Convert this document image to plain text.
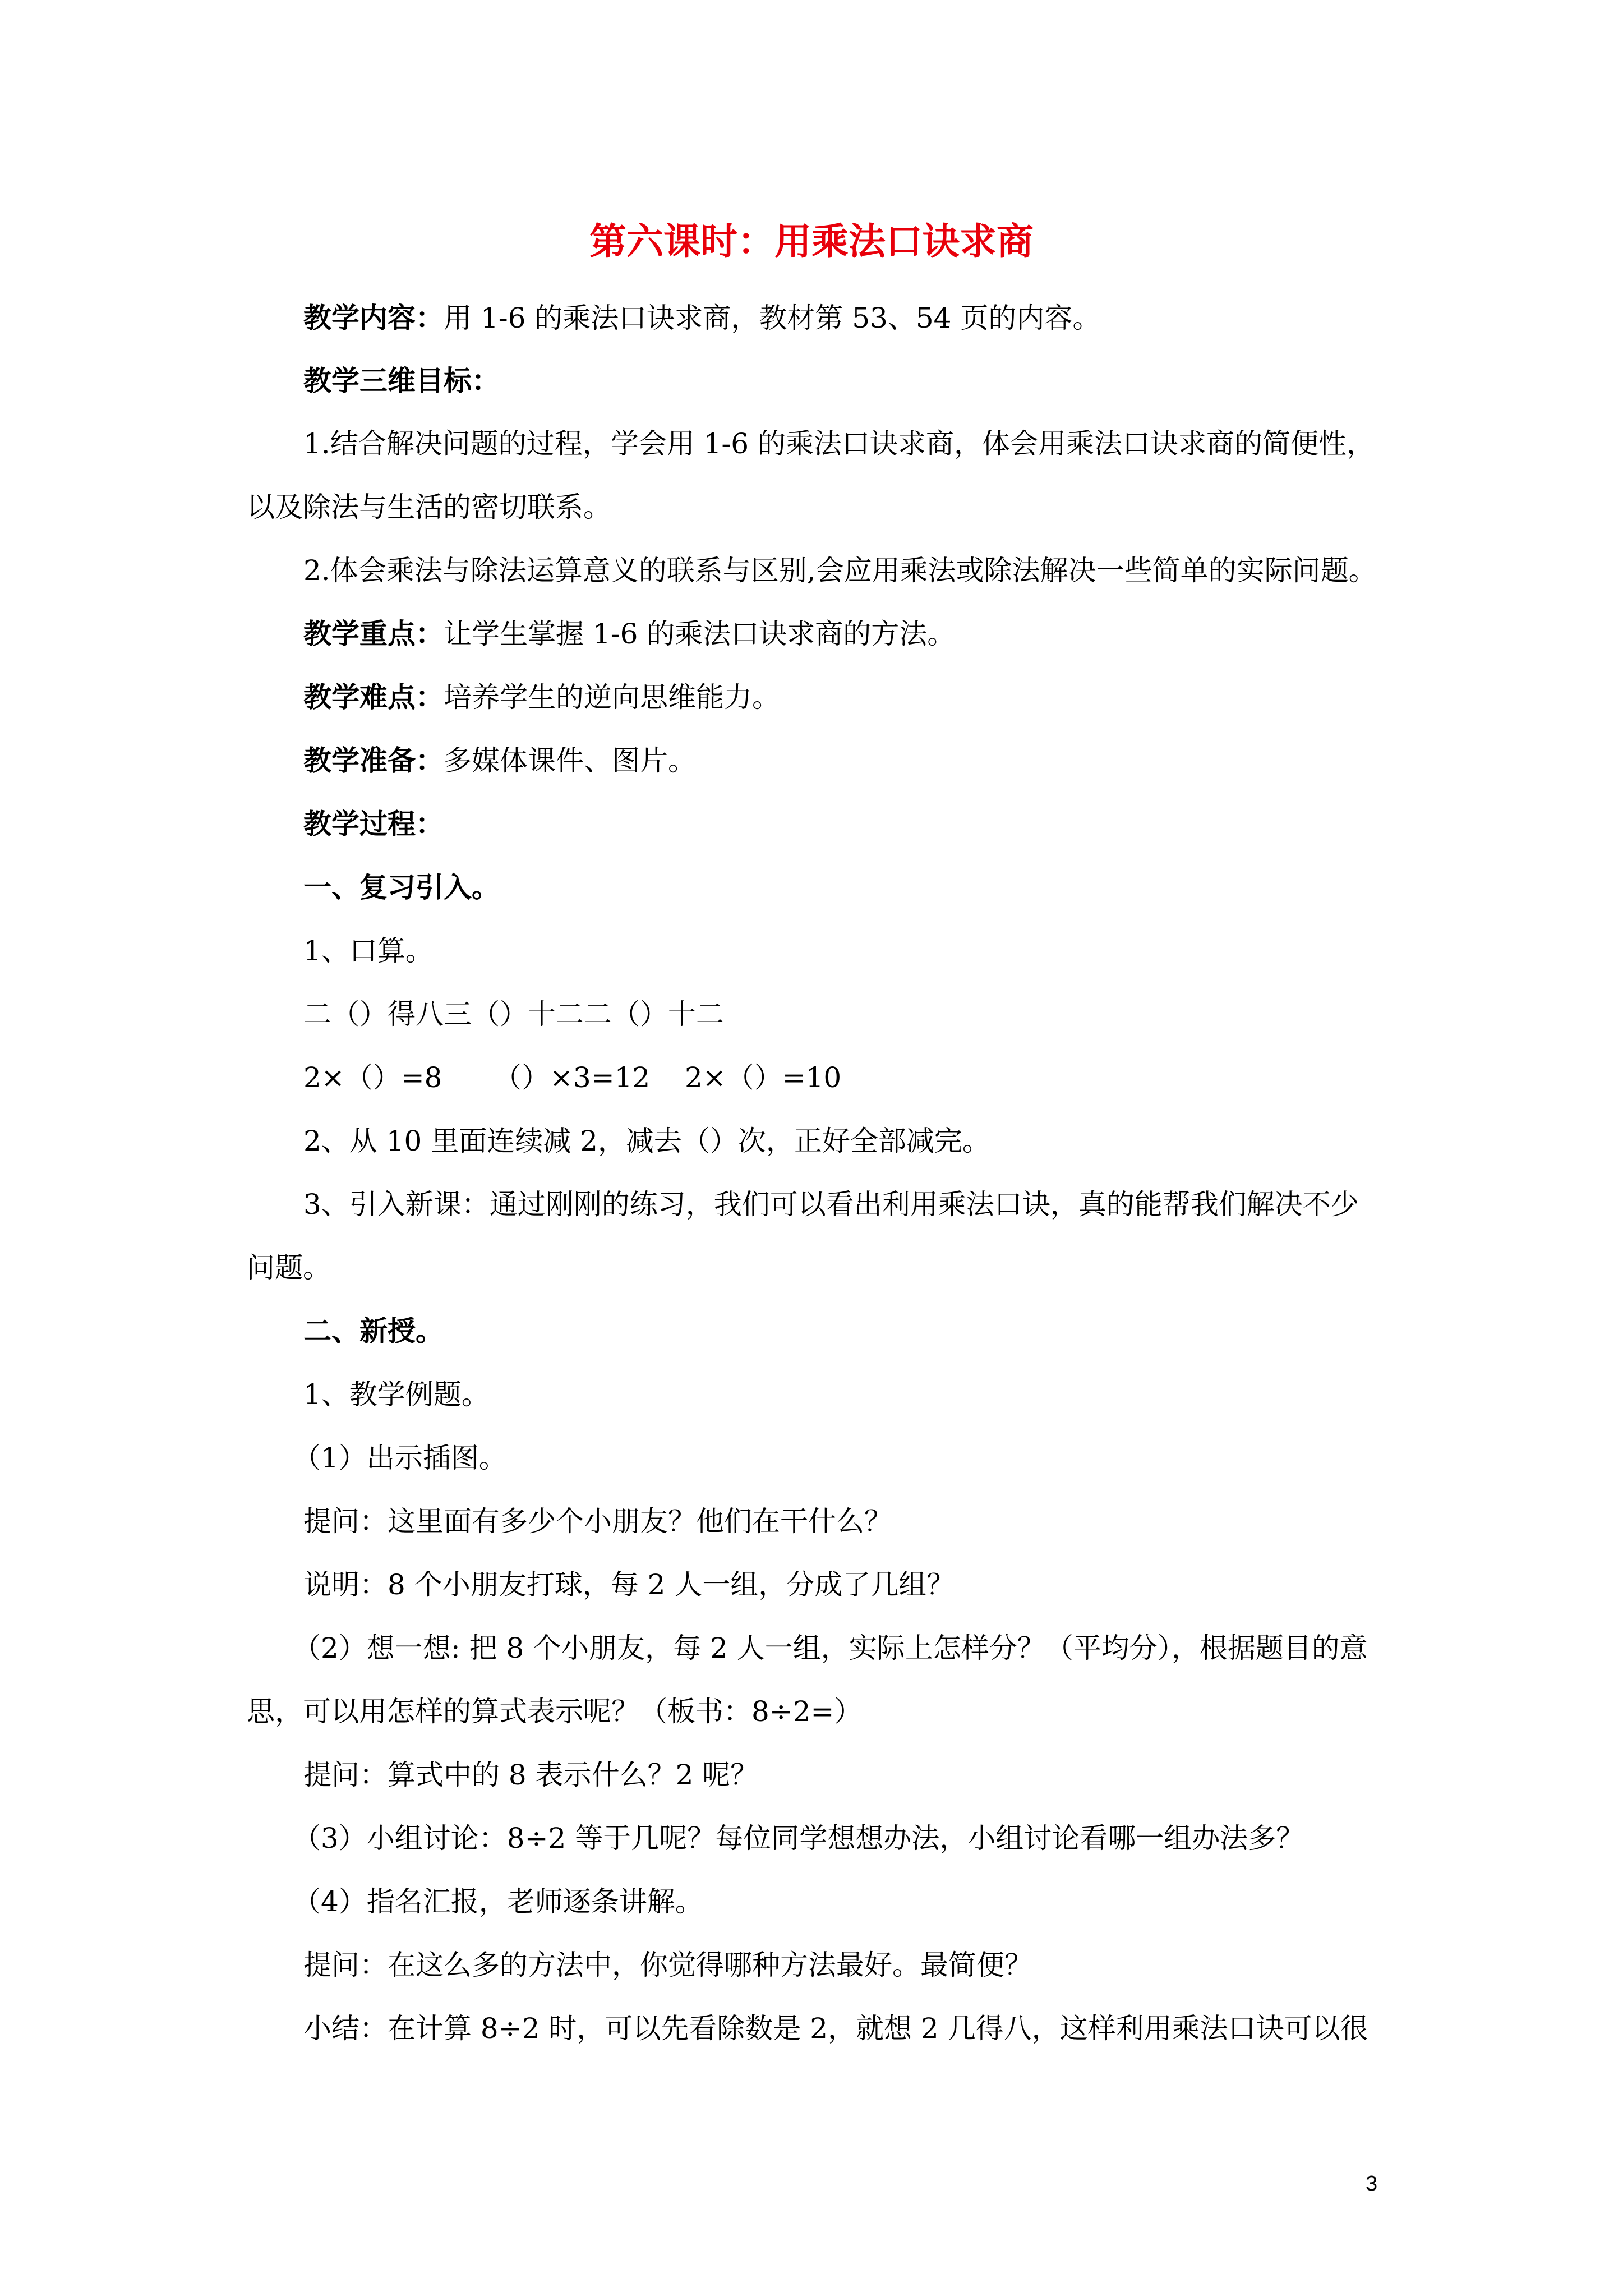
第六课时：用乘法口诀求商
教学内容：用 1-6 的乘法口诀求商，教材第 53、54 页的内容。
教学三维目标：
1.结合解决问题的过程，学会用 1-6 的乘法口诀求商，体会用乘法口诀求商的简便性，
以及除法与生活的密切联系。
2.体会乘法与除法运算意义的联系与区别,会应用乘法或除法解决一些简单的实际问题。
教学重点：让学生掌握 1-6 的乘法口诀求商的方法。
教学难点：培养学生的逆向思维能力。
教学准备：多媒体课件、图片。
教学过程：
一、复习引入。
1、口算。
二（）得八三（）十二二（）十二
2×（）=8 （）×3=12 2×（）=10
2、从 10 里面连续减 2，减去（）次，正好全部减完。
3、引入新课：通过刚刚的练习，我们可以看出利用乘法口诀，真的能帮我们解决不少
问题。
二、新授。
1、教学例题。
（1）出示插图。
提问：这里面有多少个小朋友？他们在干什么？
说明：8 个小朋友打球，每 2 人一组，分成了几组？
（2）想一想: 把 8 个小朋友，每 2 人一组，实际上怎样分？（平均分），根据题目的意
思，可以用怎样的算式表示呢？（板书：8÷2=）
提问：算式中的 8 表示什么？2 呢？
（3）小组讨论：8÷2 等于几呢？每位同学想想办法，小组讨论看哪一组办法多？
（4）指名汇报，老师逐条讲解。
提问：在这么多的方法中，你觉得哪种方法最好。最简便？
小结：在计算 8÷2 时，可以先看除数是 2，就想 2 几得八，这样利用乘法口诀可以很
3
